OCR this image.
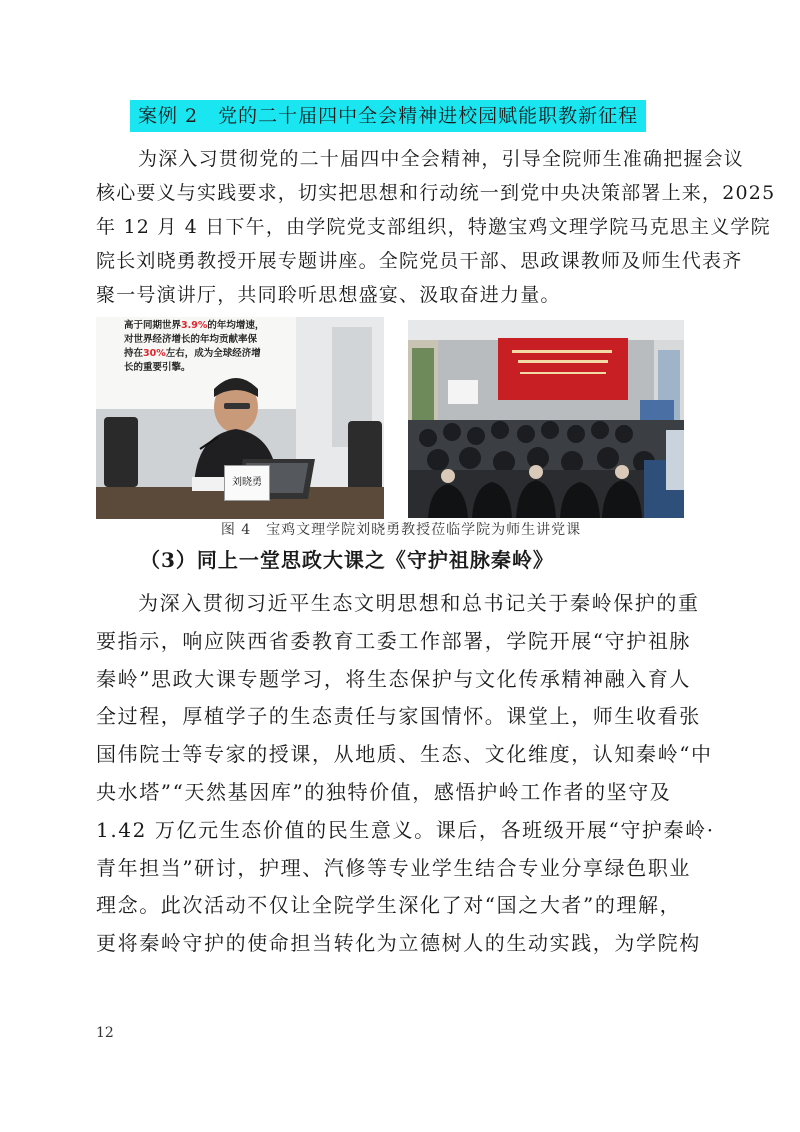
案例 2　党的二十届四中全会精神进校园赋能职教新征程
为深入习贯彻党的二十届四中全会精神，引导全院师生准确把握会议
核心要义与实践要求，切实把思想和行动统一到党中央决策部署上来，2025
年 12 月 4 日下午，由学院党支部组织，特邀宝鸡文理学院马克思主义学院
院长刘晓勇教授开展专题讲座。全院党员干部、思政课教师及师生代表齐
聚一号演讲厅，共同聆听思想盛宴、汲取奋进力量。
高于同期世界3.9%的年均增速，
对世界经济增长的年均贡献率保
持在30%左右，成为全球经济增
长的重要引擎。
刘晓勇
图 4　宝鸡文理学院刘晓勇教授莅临学院为师生讲党课
（3）同上一堂思政大课之《守护祖脉秦岭》
为深入贯彻习近平生态文明思想和总书记关于秦岭保护的重
要指示，响应陕西省委教育工委工作部署，学院开展“守护祖脉
秦岭”思政大课专题学习，将生态保护与文化传承精神融入育人
全过程，厚植学子的生态责任与家国情怀。课堂上，师生收看张
国伟院士等专家的授课，从地质、生态、文化维度，认知秦岭“中
央水塔”“天然基因库”的独特价值，感悟护岭工作者的坚守及
1.42 万亿元生态价值的民生意义。课后，各班级开展“守护秦岭·
青年担当”研讨，护理、汽修等专业学生结合专业分享绿色职业
理念。此次活动不仅让全院学生深化了对“国之大者”的理解，
更将秦岭守护的使命担当转化为立德树人的生动实践，为学院构
12
